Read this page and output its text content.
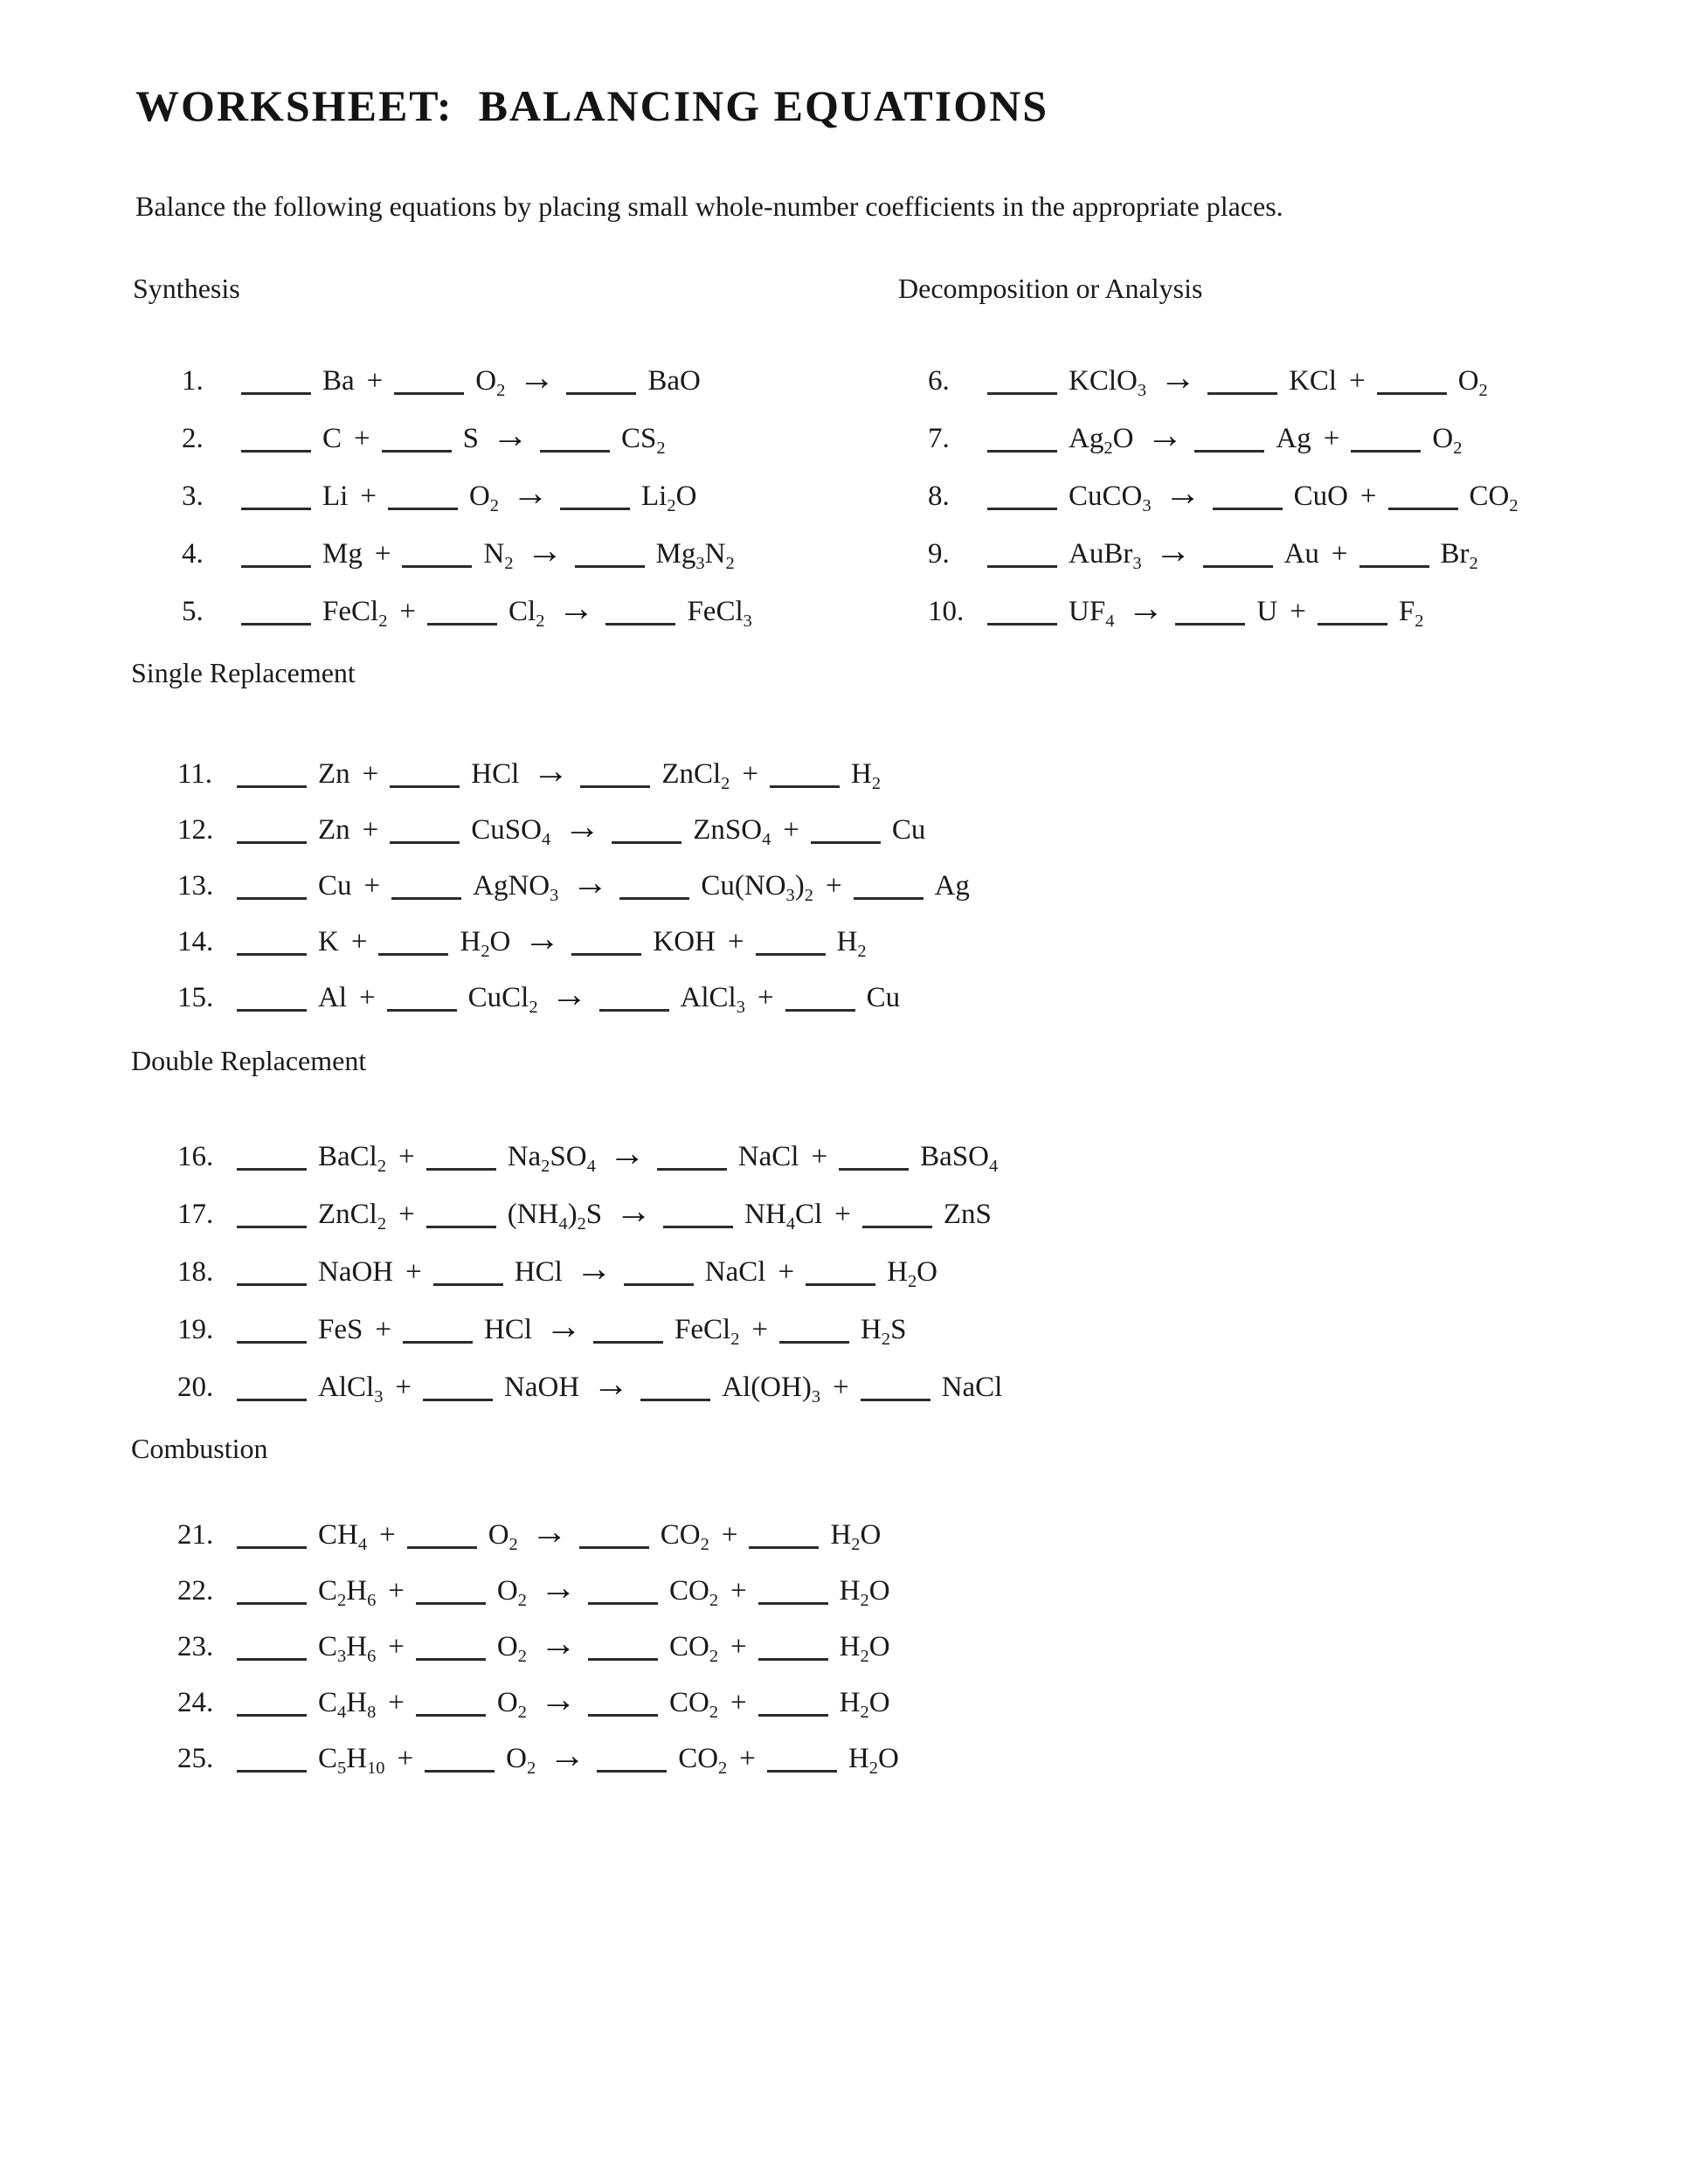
WORKSHEET:  BALANCING EQUATIONS

Balance the following equations by placing small whole-number coefficients in the appropriate places.

Synthesis
1.	Ba +	$O_2$ →	BaO
2.	C +	S →	$CS_2$
3.	Li +	$O_2$ →	$Li_2O$
4.	Mg +	$N_2$ →	$Mg_3N_2$
5.	FeCl$_2$ +	$Cl_2$ →	FeCl$_3$
Decomposition or Analysis
6.	KClO$_3$ →	KCl +	$O_2$
7.	$Ag_2O$ →	Ag +	$O_2$
8.	CuCO$_3$ →	CuO +	$CO_2$
9.	AuBr$_3$ →	Au +	$Br_2$
10.	$UF_4$ →	U +	$F_2$
Single Replacement
11.	Zn +	HCl →	ZnCl$_2$ +	$H_2$
12.	Zn +	CuSO$_4$ →	ZnSO$_4$ +	Cu
13.	Cu +	AgNO$_3$ →	$Cu(NO_3)_2$ +	Ag
14.	K +	$H_2O$ →	KOH +	$H_2$
15.	Al +	CuCl$_2$ →	AlCl$_3$ +	Cu
Double Replacement
16.	BaCl$_2$ +	$Na_2SO_4$ →	NaCl +	BaSO$_4$
17.	ZnCl$_2$ +	$(NH_4)_2S$ →	$NH_4Cl$ +	ZnS
18.	NaOH +	HCl →	NaCl +	$H_2O$
19.	FeS +	HCl →	FeCl$_2$ +	$H_2S$
20.	AlCl$_3$ +	NaOH →	$Al(OH)_3$ +	NaCl
Combustion
21.	$CH_4$ +	$O_2$ →	$CO_2$ +	$H_2O$
22.	$C_2H_6$ +	$O_2$ →	$CO_2$ +	$H_2O$
23.	$C_3H_6$ +	$O_2$ →	$CO_2$ +	$H_2O$
24.	$C_4H_8$ +	$O_2$ →	$CO_2$ +	$H_2O$
25.	$C_5H_{10}$ +	$O_2$ →	$CO_2$ +	$H_2O$
